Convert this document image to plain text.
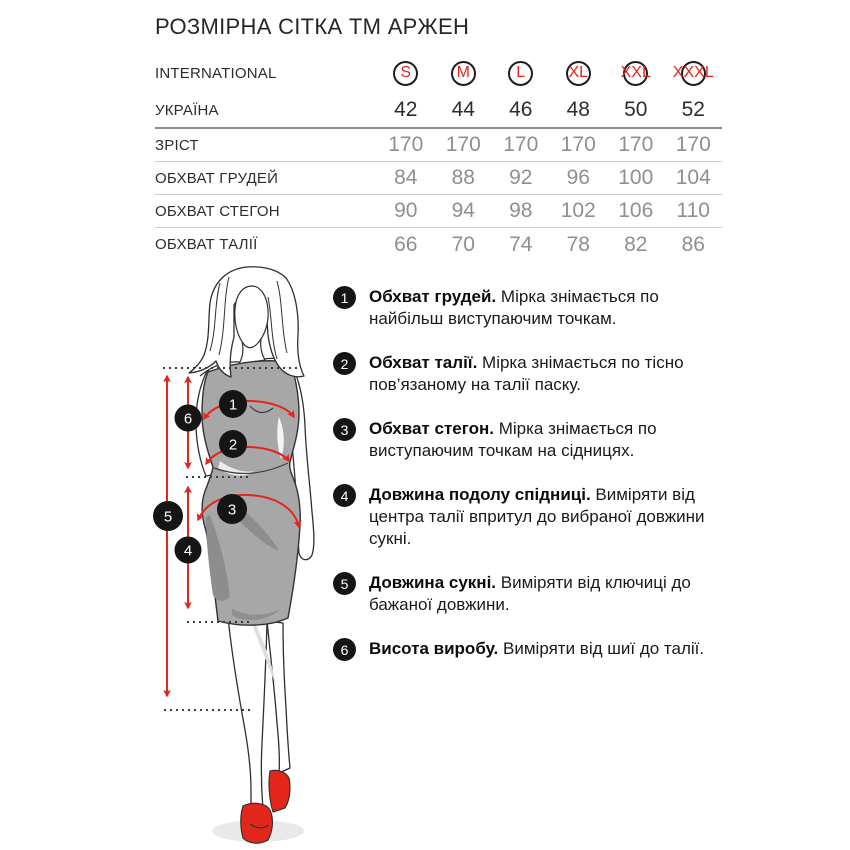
РОЗМІРНА СІТКА ТМ АРЖЕН
INTERNATIONAL	S	M	L	XL XXL XXXL
УКРАЇНА	42	44	46	48	50	52
ЗРІСТ	170	170	170	170	170	170
ОБХВАТ ГРУДЕЙ	84	88	92	96	100	104
ОБХВАТ СТЕГОН	90	94	98	102	106	110
ОБХВАТ ТАЛІЇ	66	70	74	78	82	86
1
2
3
4
5
6
1	Обхват грудей. Мірка знімається по найбільш виступаючим точкам.

2	Обхват талії. Мірка знімається по тісно пов’язаному на талії паску.

3	Обхват стегон. Мірка знімається по виступаючим точкам на сідницях.

4	Довжина подолу спідниці. Виміряти від центра талії впритул до вибраної довжини сукні.

5	Довжина сукні. Виміряти від ключиці до бажаної довжини.

6	Висота виробу. Виміряти від шиї до талії.
